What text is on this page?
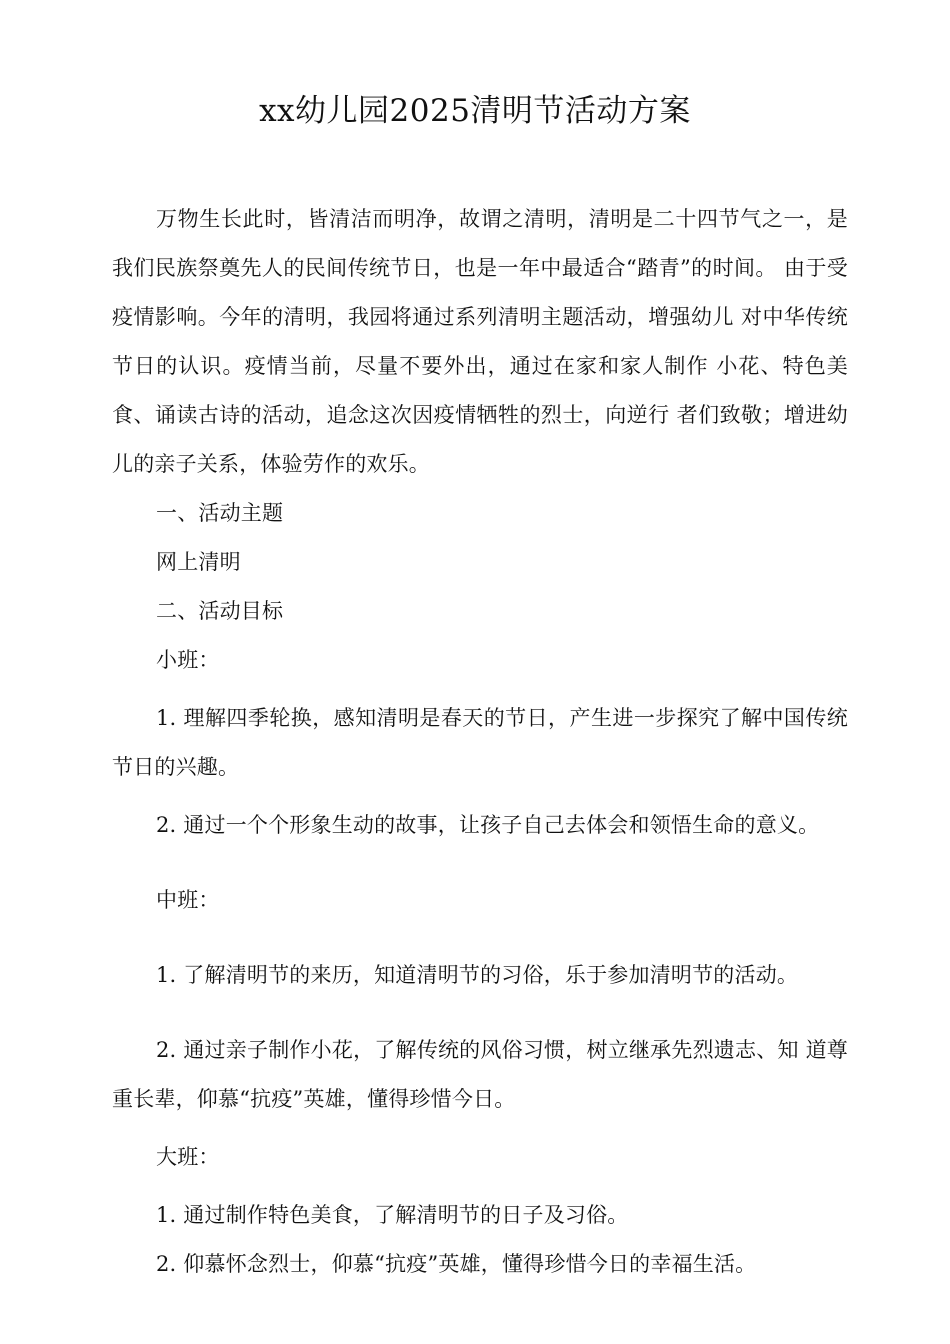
xx幼儿园2025清明节活动方案

万物生长此时，皆清洁而明净，故谓之清明，清明是二十四节气之一，是我们民族祭奠先人的民间传统节日，也是一年中最适合“踏青”的时间。 由于受疫情影响。今年的清明，我园将通过系列清明主题活动，增强幼儿 对中华传统节日的认识。疫情当前，尽量不要外出，通过在家和家人制作 小花、特色美食、诵读古诗的活动，追念这次因疫情牺牲的烈士，向逆行 者们致敬；增进幼儿的亲子关系，体验劳作的欢乐。

一、活动主题

网上清明

二、活动目标

小班：

1. 理解四季轮换，感知清明是春天的节日，产生进一步探究了解中国传统节日的兴趣。

2. 通过一个个形象生动的故事，让孩子自己去体会和领悟生命的意义。

中班：

1. 了解清明节的来历，知道清明节的习俗，乐于参加清明节的活动。

2. 通过亲子制作小花，了解传统的风俗习惯，树立继承先烈遗志、知 道尊重长辈，仰慕“抗疫”英雄，懂得珍惜今日。

大班：

1. 通过制作特色美食，了解清明节的日子及习俗。

2. 仰慕怀念烈士，仰慕“抗疫”英雄，懂得珍惜今日的幸福生活。
